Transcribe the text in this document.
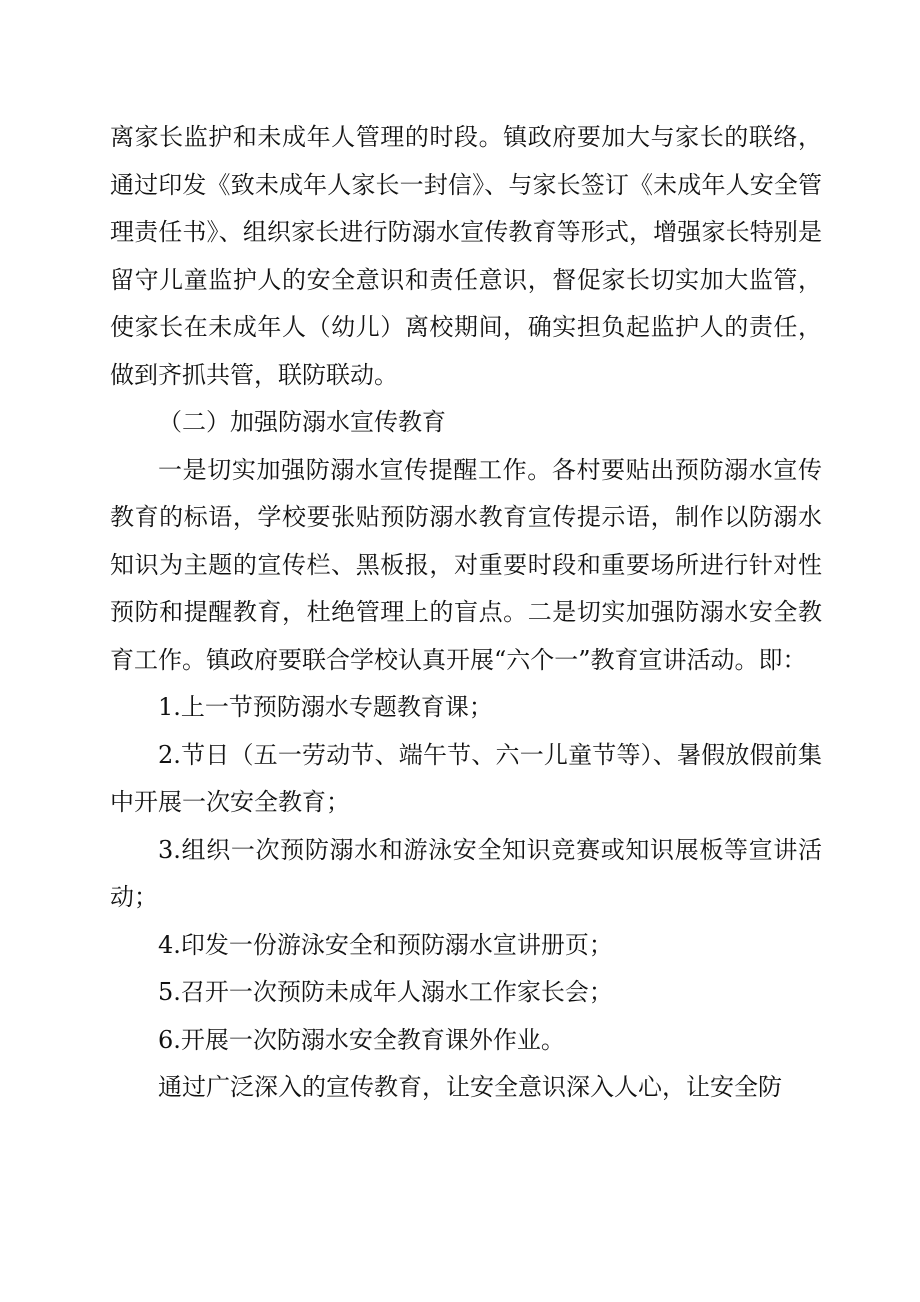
离家长监护和未成年人管理的时段。镇政府要加大与家长的联络，通过印发《致未成年人家长一封信》、与家长签订《未成年人安全管理责任书》、组织家长进行防溺水宣传教育等形式，增强家长特别是留守儿童监护人的安全意识和责任意识，督促家长切实加大监管，使家长在未成年人（幼儿）离校期间，确实担负起监护人的责任，做到齐抓共管，联防联动。

（二）加强防溺水宣传教育

一是切实加强防溺水宣传提醒工作。各村要贴出预防溺水宣传教育的标语，学校要张贴预防溺水教育宣传提示语，制作以防溺水知识为主题的宣传栏、黑板报，对重要时段和重要场所进行针对性预防和提醒教育，杜绝管理上的盲点。二是切实加强防溺水安全教育工作。镇政府要联合学校认真开展“六个一”教育宣讲活动。即：

1.上一节预防溺水专题教育课；

2.节日（五一劳动节、端午节、六一儿童节等）、暑假放假前集中开展一次安全教育；

3.组织一次预防溺水和游泳安全知识竞赛或知识展板等宣讲活动；

4.印发一份游泳安全和预防溺水宣讲册页；

5.召开一次预防未成年人溺水工作家长会；

6.开展一次防溺水安全教育课外作业。

通过广泛深入的宣传教育，让安全意识深入人心，让安全防
